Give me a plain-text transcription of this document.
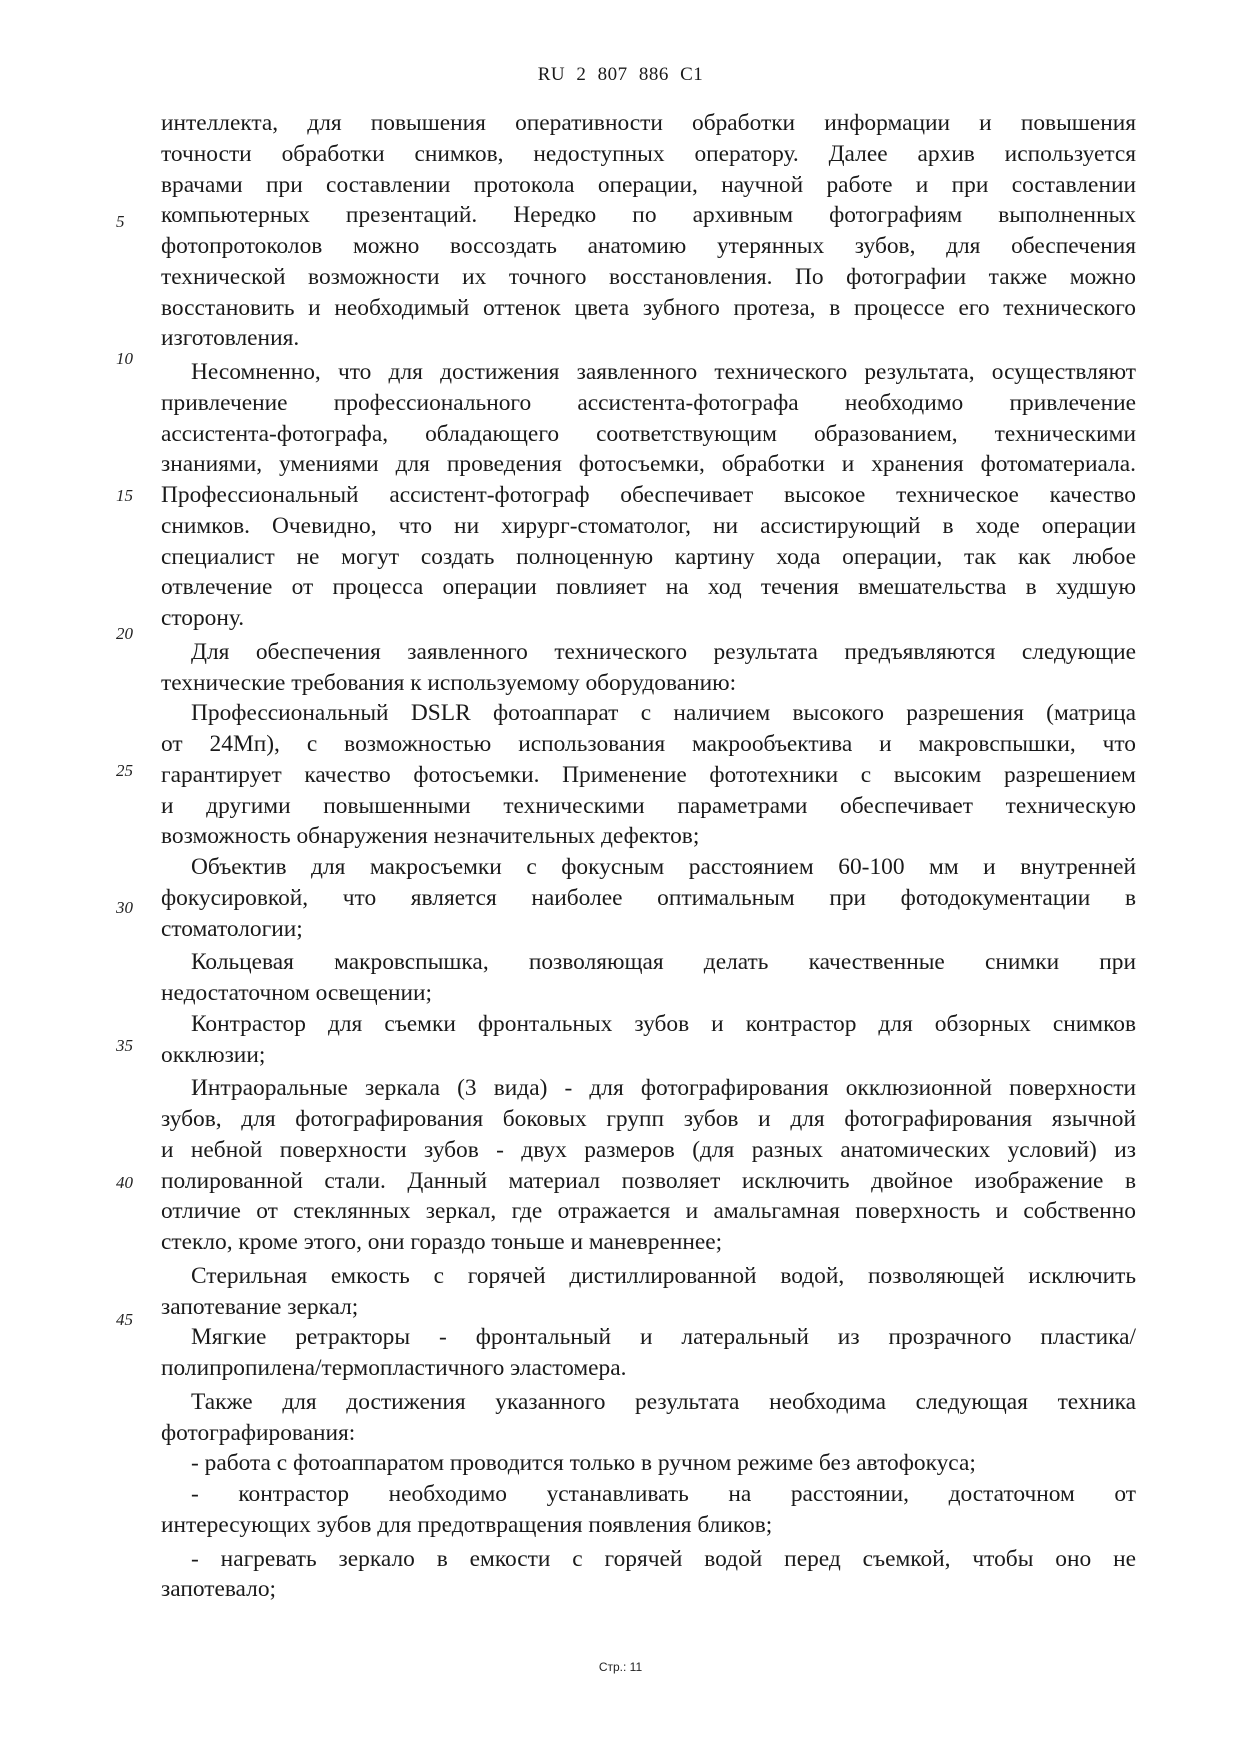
RU 2 807 886 C1
5
10
15
20
25
30
35
40
45
интеллекта, для повышения оперативности обработки информации и повышения
точности обработки снимков, недоступных оператору. Далее архив используется
врачами при составлении протокола операции, научной работе и при составлении
компьютерных презентаций. Нередко по архивным фотографиям выполненных
фотопротоколов можно воссоздать анатомию утерянных зубов, для обеспечения
технической возможности их точного восстановления. По фотографии также можно
восстановить и необходимый оттенок цвета зубного протеза, в процессе его технического
изготовления.
Несомненно, что для достижения заявленного технического результата, осуществляют
привлечение профессионального ассистента-фотографа необходимо привлечение
ассистента-фотографа, обладающего соответствующим образованием, техническими
знаниями, умениями для проведения фотосъемки, обработки и хранения фотоматериала.
Профессиональный ассистент-фотограф обеспечивает высокое техническое качество
снимков. Очевидно, что ни хирург-стоматолог, ни ассистирующий в ходе операции
специалист не могут создать полноценную картину хода операции, так как любое
отвлечение от процесса операции повлияет на ход течения вмешательства в худшую
сторону.
Для обеспечения заявленного технического результата предъявляются следующие
технические требования к используемому оборудованию:
Профессиональный DSLR фотоаппарат с наличием высокого разрешения (матрица
от 24Мп), с возможностью использования макрообъектива и макровспышки, что
гарантирует качество фотосъемки. Применение фототехники с высоким разрешением
и другими повышенными техническими параметрами обеспечивает техническую
возможность обнаружения незначительных дефектов;
Объектив для макросъемки с фокусным расстоянием 60-100 мм и внутренней
фокусировкой, что является наиболее оптимальным при фотодокументации в
стоматологии;
Кольцевая макровспышка, позволяющая делать качественные снимки при
недостаточном освещении;
Контрастор для съемки фронтальных зубов и контрастор для обзорных снимков
окклюзии;
Интраоральные зеркала (3 вида) - для фотографирования окклюзионной поверхности
зубов, для фотографирования боковых групп зубов и для фотографирования язычной
и небной поверхности зубов - двух размеров (для разных анатомических условий) из
полированной стали. Данный материал позволяет исключить двойное изображение в
отличие от стеклянных зеркал, где отражается и амальгамная поверхность и собственно
стекло, кроме этого, они гораздо тоньше и маневреннее;
Стерильная емкость с горячей дистиллированной водой, позволяющей исключить
запотевание зеркал;
Мягкие ретракторы - фронтальный и латеральный из прозрачного пластика/
полипропилена/термопластичного эластомера.
Также для достижения указанного результата необходима следующая техника
фотографирования:
- работа с фотоаппаратом проводится только в ручном режиме без автофокуса;
- контрастор необходимо устанавливать на расстоянии, достаточном от
интересующих зубов для предотвращения появления бликов;
- нагревать зеркало в емкости с горячей водой перед съемкой, чтобы оно не
запотевало;
Стр.: 11
